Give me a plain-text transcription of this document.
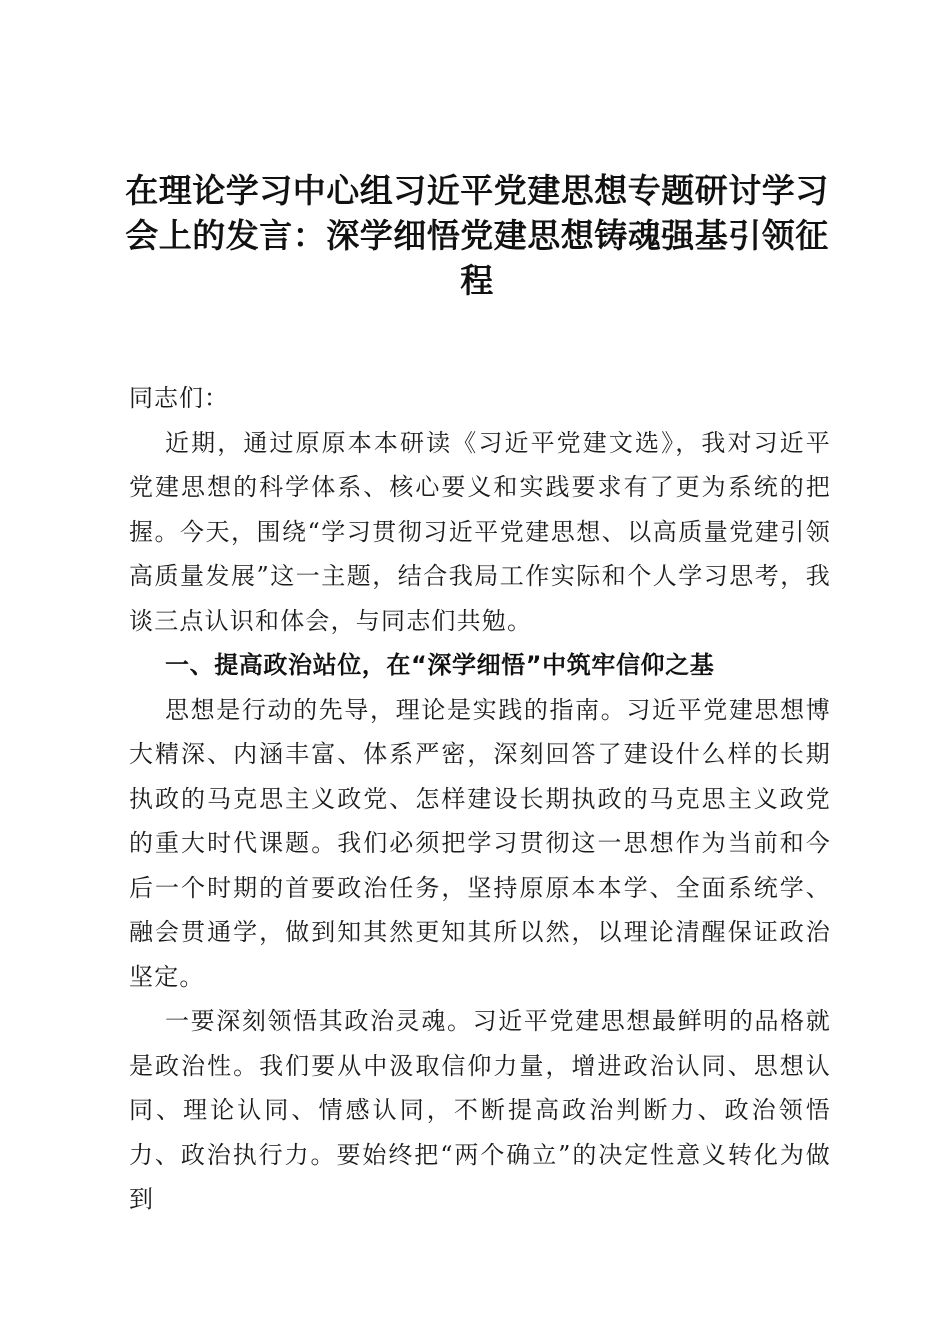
在理论学习中心组习近平党建思想专题研讨学习会上的发言：深学细悟党建思想铸魂强基引领征程

同志们：

近期，通过原原本本研读《习近平党建文选》，我对习近平党建思想的科学体系、核心要义和实践要求有了更为系统的把握。今天，围绕“学习贯彻习近平党建思想、以高质量党建引领高质量发展”这一主题，结合我局工作实际和个人学习思考，我谈三点认识和体会，与同志们共勉。

一、提高政治站位，在“深学细悟”中筑牢信仰之基

思想是行动的先导，理论是实践的指南。习近平党建思想博大精深、内涵丰富、体系严密，深刻回答了建设什么样的长期执政的马克思主义政党、怎样建设长期执政的马克思主义政党的重大时代课题。我们必须把学习贯彻这一思想作为当前和今后一个时期的首要政治任务，坚持原原本本学、全面系统学、融会贯通学，做到知其然更知其所以然，以理论清醒保证政治坚定。

一要深刻领悟其政治灵魂。习近平党建思想最鲜明的品格就是政治性。我们要从中汲取信仰力量，增进政治认同、思想认同、理论认同、情感认同，不断提高政治判断力、政治领悟力、政治执行力。要始终把“两个确立”的决定性意义转化为做到
